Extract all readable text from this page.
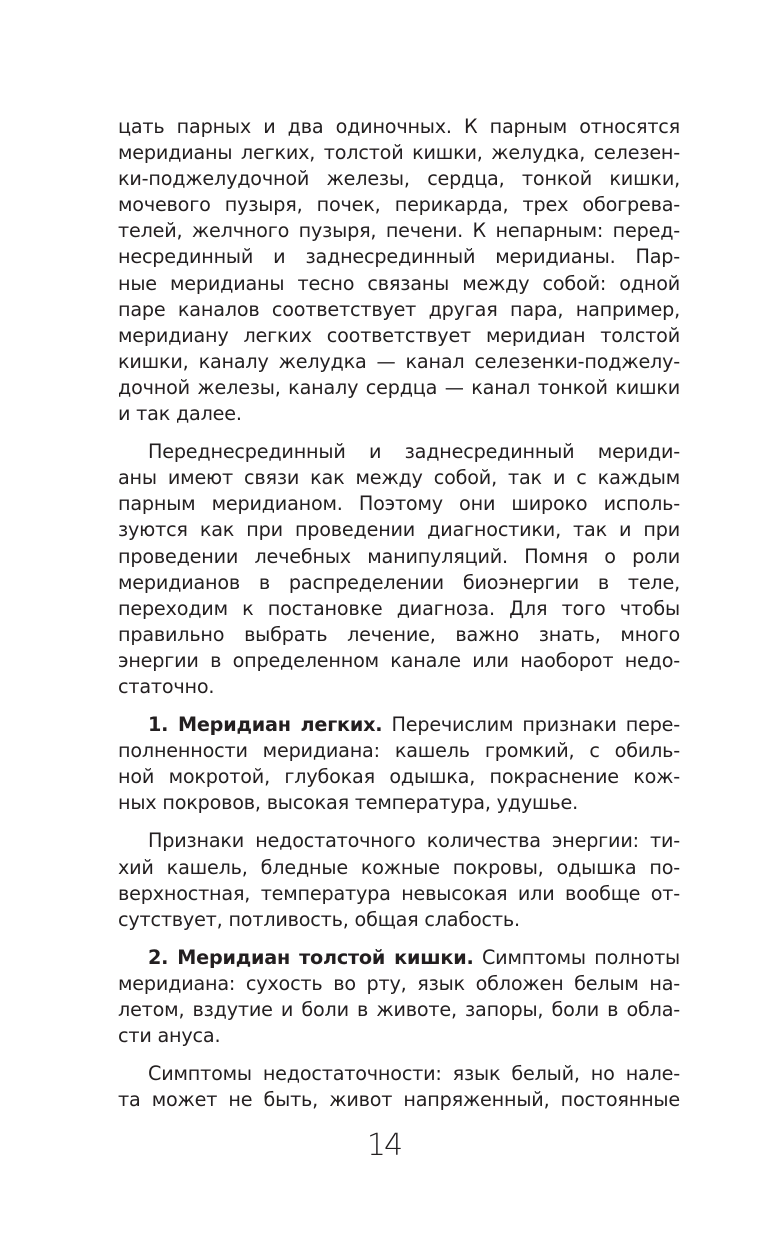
цать парных и два одиночных. К парным относятся
меридианы легких, толстой кишки, желудка, селезен-
ки-поджелудочной железы, сердца, тонкой кишки,
мочевого пузыря, почек, перикарда, трех обогрева-
телей, желчного пузыря, печени. К непарным: перед-
несрединный и заднесрединный меридианы. Пар-
ные меридианы тесно связаны между собой: одной
паре каналов соответствует другая пара, например,
меридиану легких соответствует меридиан толстой
кишки, каналу желудка — канал селезенки-поджелу-
дочной железы, каналу сердца — канал тонкой кишки
и так далее.

Переднесрединный и заднесрединный мериди-
аны имеют связи как между собой, так и с каждым
парным меридианом. Поэтому они широко исполь-
зуются как при проведении диагностики, так и при
проведении лечебных манипуляций. Помня о роли
меридианов в распределении биоэнергии в теле,
переходим к постановке диагноза. Для того чтобы
правильно выбрать лечение, важно знать, много
энергии в определенном канале или наоборот недо-
статочно.

1. Меридиан легких. Перечислим признаки пере-
полненности меридиана: кашель громкий, с обиль-
ной мокротой, глубокая одышка, покраснение кож-
ных покровов, высокая температура, удушье.

Признаки недостаточного количества энергии: ти-
хий кашель, бледные кожные покровы, одышка по-
верхностная, температура невысокая или вообще от-
сутствует, потливость, общая слабость.

2. Меридиан толстой кишки. Симптомы полноты
меридиана: сухость во рту, язык обложен белым на-
летом, вздутие и боли в животе, запоры, боли в обла-
сти ануса.

Симптомы недостаточности: язык белый, но нале-
та может не быть, живот напряженный, постоянные

14
